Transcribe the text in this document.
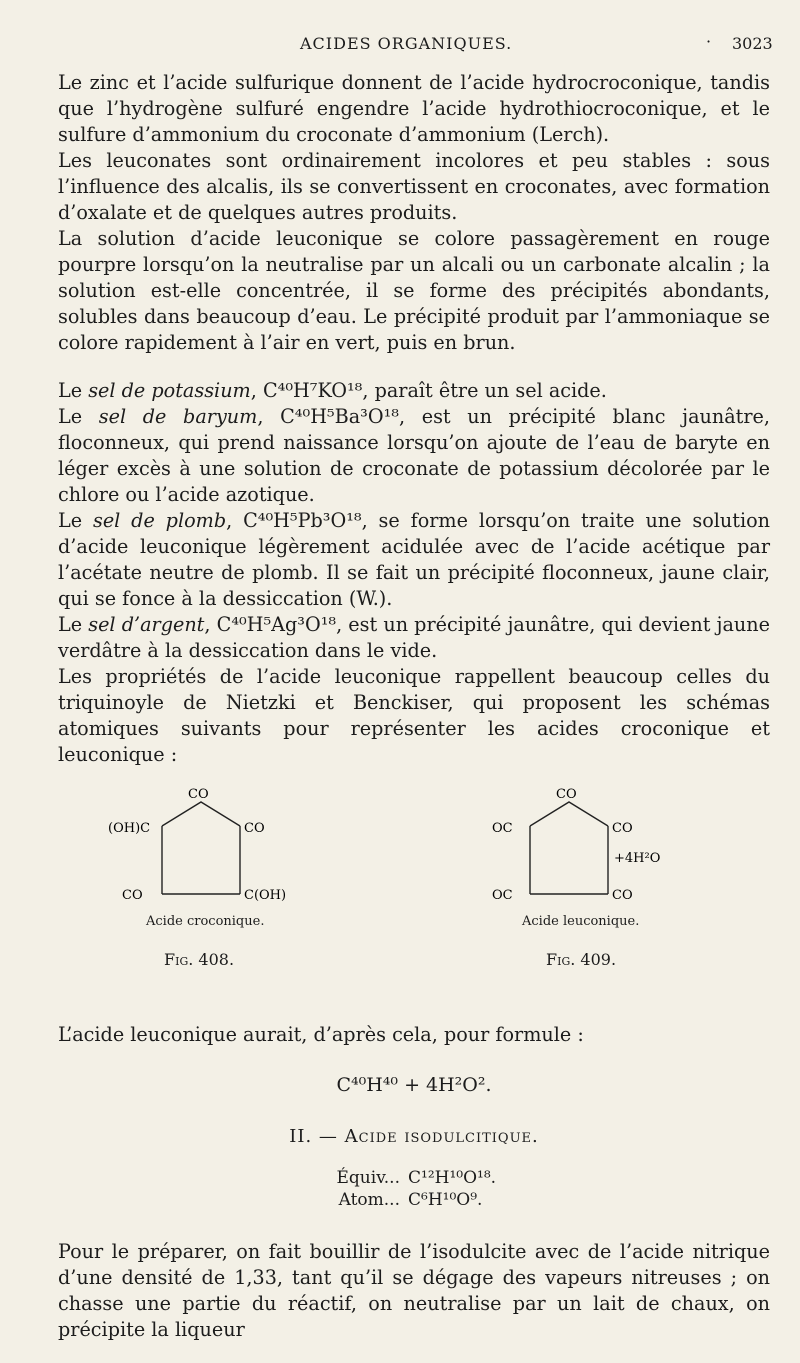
ACIDES ORGANIQUES.	· 3023

Le zinc et l’acide sulfurique donnent de l’acide hydrocroconique, tandis que l’hydrogène sulfuré engendre l’acide hydrothiocroconique, et le sulfure d’ammonium du croconate d’ammonium (Lerch).

Les leuconates sont ordinairement incolores et peu stables : sous l’influence des alcalis, ils se convertissent en croconates, avec formation d’oxalate et de quelques autres produits.

La solution d’acide leuconique se colore passagèrement en rouge pourpre lorsqu’on la neutralise par un alcali ou un carbonate alcalin ; la solution est-elle concentrée, il se forme des précipités abondants, solubles dans beaucoup d’eau. Le précipité produit par l’ammoniaque se colore rapidement à l’air en vert, puis en brun.

Le sel de potassium, C⁴⁰H⁷KO¹⁸, paraît être un sel acide.

Le sel de baryum, C⁴⁰H⁵Ba³O¹⁸, est un précipité blanc jaunâtre, floconneux, qui prend naissance lorsqu’on ajoute de l’eau de baryte en léger excès à une solution de croconate de potassium décolorée par le chlore ou l’acide azotique.

Le sel de plomb, C⁴⁰H⁵Pb³O¹⁸, se forme lorsqu’on traite une solution d’acide leuconique légèrement acidulée avec de l’acide acétique par l’acétate neutre de plomb. Il se fait un précipité floconneux, jaune clair, qui se fonce à la dessiccation (W.).

Le sel d’argent, C⁴⁰H⁵Ag³O¹⁸, est un précipité jaunâtre, qui devient jaune verdâtre à la dessiccation dans le vide.

Les propriétés de l’acide leuconique rappellent beaucoup celles du triquinoyle de Nietzki et Benckiser, qui proposent les schémas atomiques suivants pour représenter les acides croconique et leuconique :

CO
(OH)C	CO
CO	C(OH)
Acide croconique.
Fig. 408.
CO
OC	CO
+4H²O
OC	CO
Acide leuconique.
Fig. 409.

L’acide leuconique aurait, d’après cela, pour formule :

C⁴⁰H⁴⁰ + 4H²O².
II. — Acide isodulcitique.
Équiv... C¹²H¹⁰O¹⁸.
Atom... C⁶H¹⁰O⁹.

Pour le préparer, on fait bouillir de l’isodulcite avec de l’acide nitrique d’une densité de 1,33, tant qu’il se dégage des vapeurs nitreuses ; on chasse une partie du réactif, on neutralise par un lait de chaux, on précipite la liqueur
